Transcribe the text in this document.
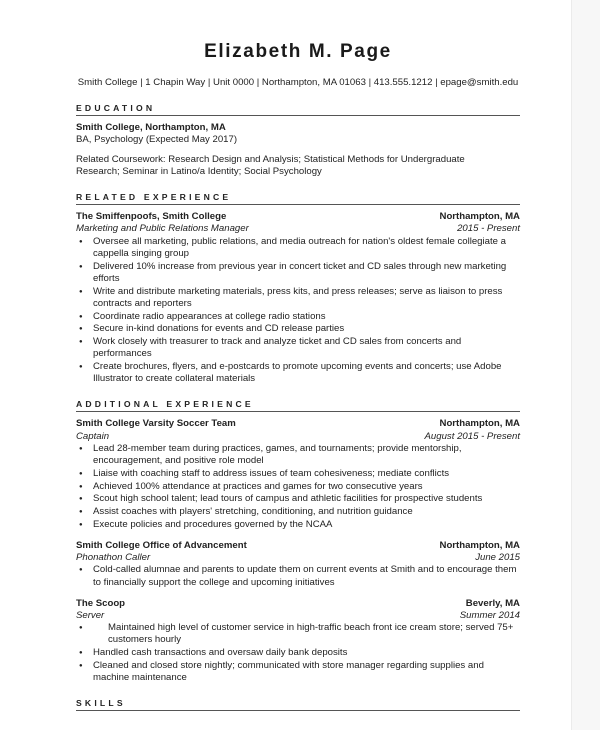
Elizabeth M. Page
Smith College | 1 Chapin Way | Unit 0000 | Northampton, MA 01063 | 413.555.1212 | epage@smith.edu
EDUCATION
Smith College, Northampton, MA
BA, Psychology (Expected May 2017)
Related Coursework: Research Design and Analysis; Statistical Methods for Undergraduate
Research; Seminar in Latino/a Identity; Social Psychology
RELATED EXPERIENCE
The Smiffenpoofs, Smith College	Northampton, MA
Marketing and Public Relations Manager	2015 - Present
● Oversee all marketing, public relations, and media outreach for nation's oldest female collegiate a cappella singing group
● Delivered 10% increase from previous year in concert ticket and CD sales through new marketing efforts
● Write and distribute marketing materials, press kits, and press releases; serve as liaison to press contracts and reporters
● Coordinate radio appearances at college radio stations
● Secure in-kind donations for events and CD release parties
● Work closely with treasurer to track and analyze ticket and CD sales from concerts and performances
● Create brochures, flyers, and e-postcards to promote upcoming events and concerts; use Adobe Illustrator to create collateral materials
ADDITIONAL EXPERIENCE
Smith College Varsity Soccer Team	Northampton, MA
Captain	August 2015 - Present
● Lead 28-member team during practices, games, and tournaments; provide mentorship, encouragement, and positive role model
● Liaise with coaching staff to address issues of team cohesiveness; mediate conflicts
● Achieved 100% attendance at practices and games for two consecutive years
● Scout high school talent; lead tours of campus and athletic facilities for prospective students
● Assist coaches with players' stretching, conditioning, and nutrition guidance
● Execute policies and procedures governed by the NCAA
Smith College Office of Advancement	Northampton, MA
Phonathon Caller	June 2015
● Cold-called alumnae and parents to update them on current events at Smith and to encourage them to financially support the college and upcoming initiatives
The Scoop	Beverly, MA
Server	Summer 2014
● Maintained high level of customer service in high-traffic beach front ice cream store; served 75+ customers hourly
● Handled cash transactions and oversaw daily bank deposits
● Cleaned and closed store nightly; communicated with store manager regarding supplies and machine maintenance
SKILLS
